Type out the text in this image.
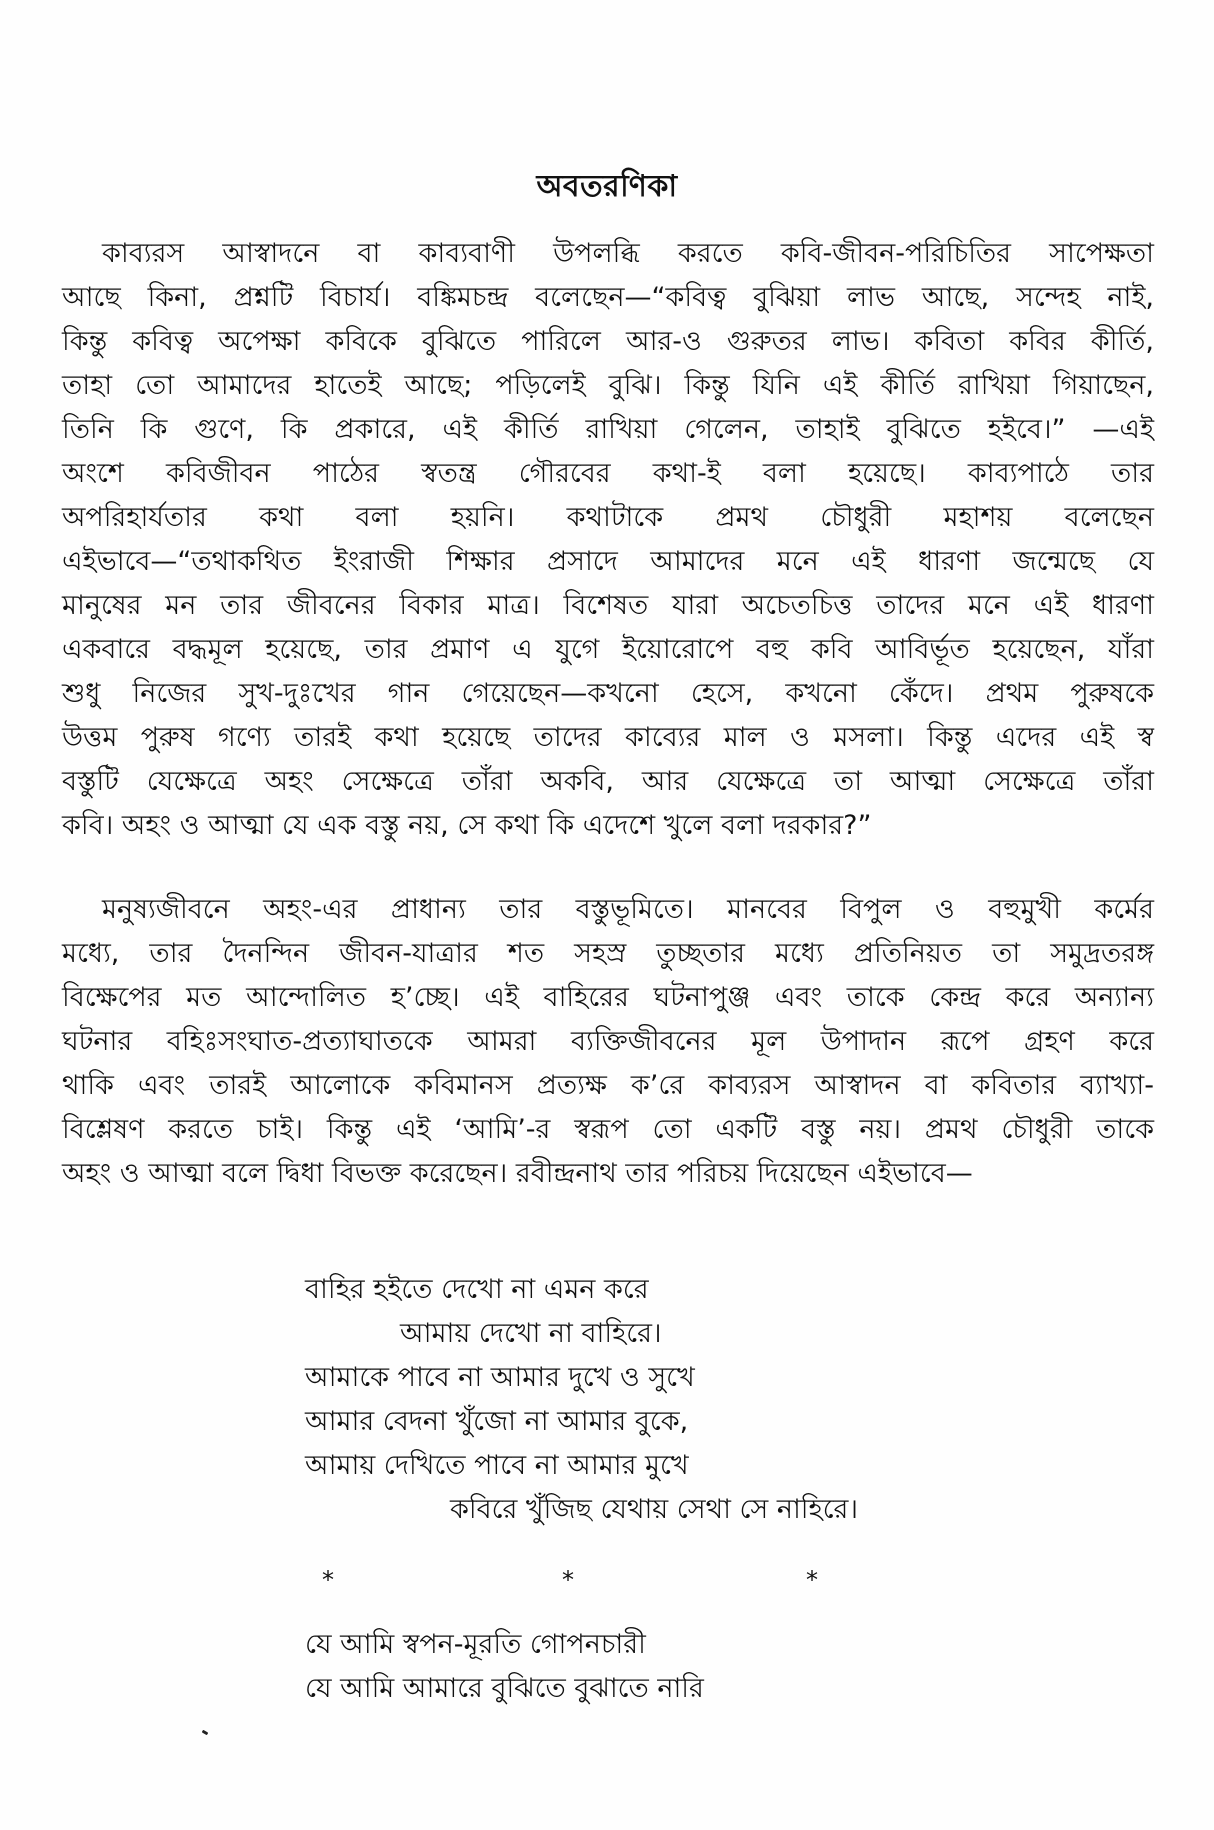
অবতরণিকা
কাব্যরস আস্বাদনে বা কাব্যবাণী উপলব্ধি করতে কবি-জীবন-পরিচিতির সাপেক্ষতা
আছে কিনা, প্রশ্নটি বিচার্য। বঙ্কিমচন্দ্র বলেছেন—“কবিত্ব বুঝিয়া লাভ আছে, সন্দেহ নাই,
কিন্তু কবিত্ব অপেক্ষা কবিকে বুঝিতে পারিলে আর-ও গুরুতর লাভ। কবিতা কবির কীর্তি,
তাহা তো আমাদের হাতেই আছে; পড়িলেই বুঝি। কিন্তু যিনি এই কীর্তি রাখিয়া গিয়াছেন,
তিনি কি গুণে, কি প্রকারে, এই কীর্তি রাখিয়া গেলেন, তাহাই বুঝিতে হইবে।” —এই
অংশে কবিজীবন পাঠের স্বতন্ত্র গৌরবের কথা-ই বলা হয়েছে। কাব্যপাঠে তার
অপরিহার্যতার কথা বলা হয়নি। কথাটাকে প্রমথ চৌধুরী মহাশয় বলেছেন
এইভাবে—“তথাকথিত ইংরাজী শিক্ষার প্রসাদে আমাদের মনে এই ধারণা জন্মেছে যে
মানুষের মন তার জীবনের বিকার মাত্র। বিশেষত যারা অচেতচিত্ত তাদের মনে এই ধারণা
একবারে বদ্ধমূল হয়েছে, তার প্রমাণ এ যুগে ইয়োরোপে বহু কবি আবির্ভূত হয়েছেন, যাঁরা
শুধু নিজের সুখ-দুঃখের গান গেয়েছেন—কখনো হেসে, কখনো কেঁদে। প্রথম পুরুষকে
উত্তম পুরুষ গণ্যে তারই কথা হয়েছে তাদের কাব্যের মাল ও মসলা। কিন্তু এদের এই স্ব
বস্তুটি যেক্ষেত্রে অহং সেক্ষেত্রে তাঁরা অকবি, আর যেক্ষেত্রে তা আত্মা সেক্ষেত্রে তাঁরা
কবি। অহং ও আত্মা যে এক বস্তু নয়, সে কথা কি এদেশে খুলে বলা দরকার?”
মনুষ্যজীবনে অহং-এর প্রাধান্য তার বস্তুভূমিতে। মানবের বিপুল ও বহুমুখী কর্মের
মধ্যে, তার দৈনন্দিন জীবন-যাত্রার শত সহস্র তুচ্ছতার মধ্যে প্রতিনিয়ত তা সমুদ্রতরঙ্গ
বিক্ষেপের মত আন্দোলিত হ’চ্ছে। এই বাহিরের ঘটনাপুঞ্জ এবং তাকে কেন্দ্র করে অন্যান্য
ঘটনার বহিঃসংঘাত-প্রত্যাঘাতকে আমরা ব্যক্তিজীবনের মূল উপাদান রূপে গ্রহণ করে
থাকি এবং তারই আলোকে কবিমানস প্রত্যক্ষ ক’রে কাব্যরস আস্বাদন বা কবিতার ব্যাখ্যা-
বিশ্লেষণ করতে চাই। কিন্তু এই ‘আমি’-র স্বরূপ তো একটি বস্তু নয়। প্রমথ চৌধুরী তাকে
অহং ও আত্মা বলে দ্বিধা বিভক্ত করেছেন। রবীন্দ্রনাথ তার পরিচয় দিয়েছেন এইভাবে—
বাহির হইতে দেখো না এমন করে
আমায় দেখো না বাহিরে।
আমাকে পাবে না আমার দুখে ও সুখে
আমার বেদনা খুঁজো না আমার বুকে,
আমায় দেখিতে পাবে না আমার মুখে
কবিরে খুঁজিছ যেথায় সেথা সে নাহিরে।
*	*	*
যে আমি স্বপন-মূরতি গোপনচারী
যে আমি আমারে বুঝিতে বুঝাতে নারি
